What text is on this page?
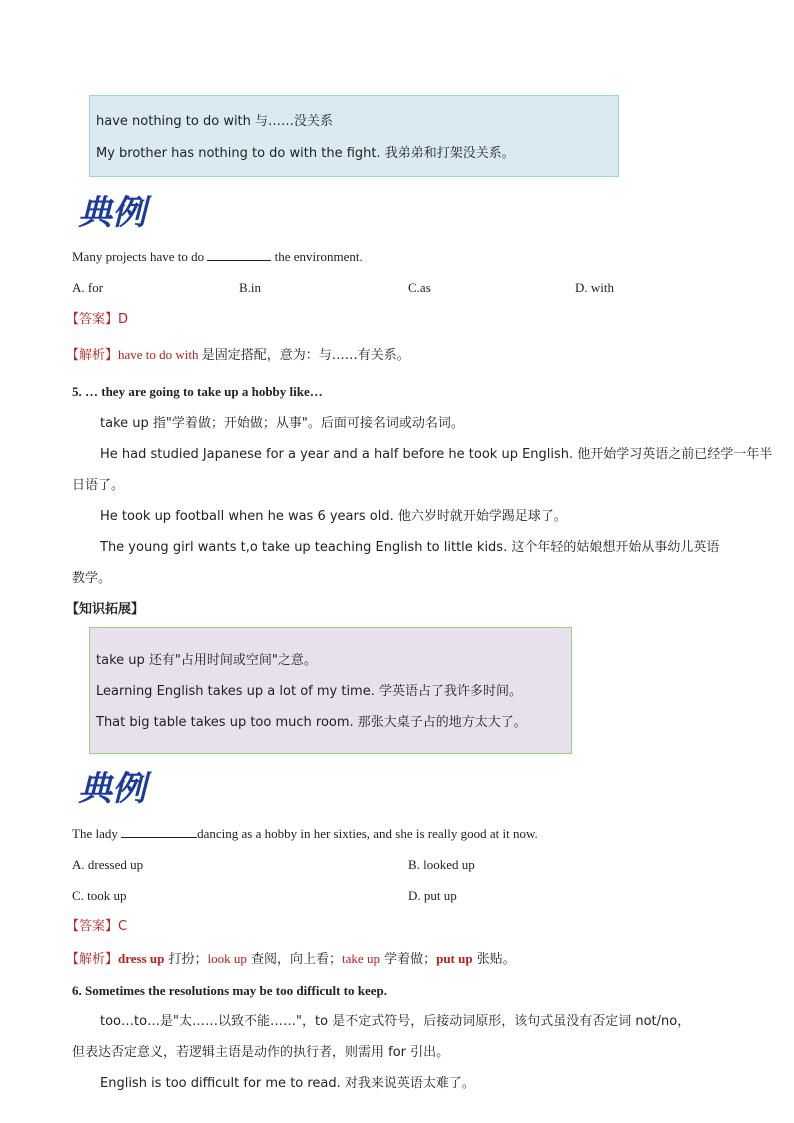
have nothing to do with 与……没关系
My brother has nothing to do with the fight. 我弟弟和打架没关系。
典例
Many projects have to do	the environment.
A. for	B.in	C.as	D. with
【答案】D
【解析】have to do with 是固定搭配，意为：与……有关系。
5. … they are going to take up a hobby like…
take up 指"学着做；开始做；从事"。后面可接名词或动名词。
He had studied Japanese for a year and a half before he took up English. 他开始学习英语之前已经学一年半
日语了。
He took up football when he was 6 years old. 他六岁时就开始学踢足球了。
The young girl wants t,o take up teaching English to little kids. 这个年轻的姑娘想开始从事幼儿英语
教学。
【知识拓展】
take up 还有"占用时间或空间"之意。
Learning English takes up a lot of my time. 学英语占了我许多时间。
That big table takes up too much room. 那张大桌子占的地方太大了。
典例
The lady	dancing as a hobby in her sixties, and she is really good at it now.
A. dressed up	B. looked up
C. took up	D. put up
【答案】C
【解析】dress up 打扮；look up 查阅，向上看；take up 学着做；put up 张贴。
6. Sometimes the resolutions may be too difficult to keep.
too…to…是"太……以致不能……"，to 是不定式符号，后接动词原形，该句式虽没有否定词 not/no，
但表达否定意义，若逻辑主语是动作的执行者，则需用 for 引出。
English is too difficult for me to read. 对我来说英语太难了。
